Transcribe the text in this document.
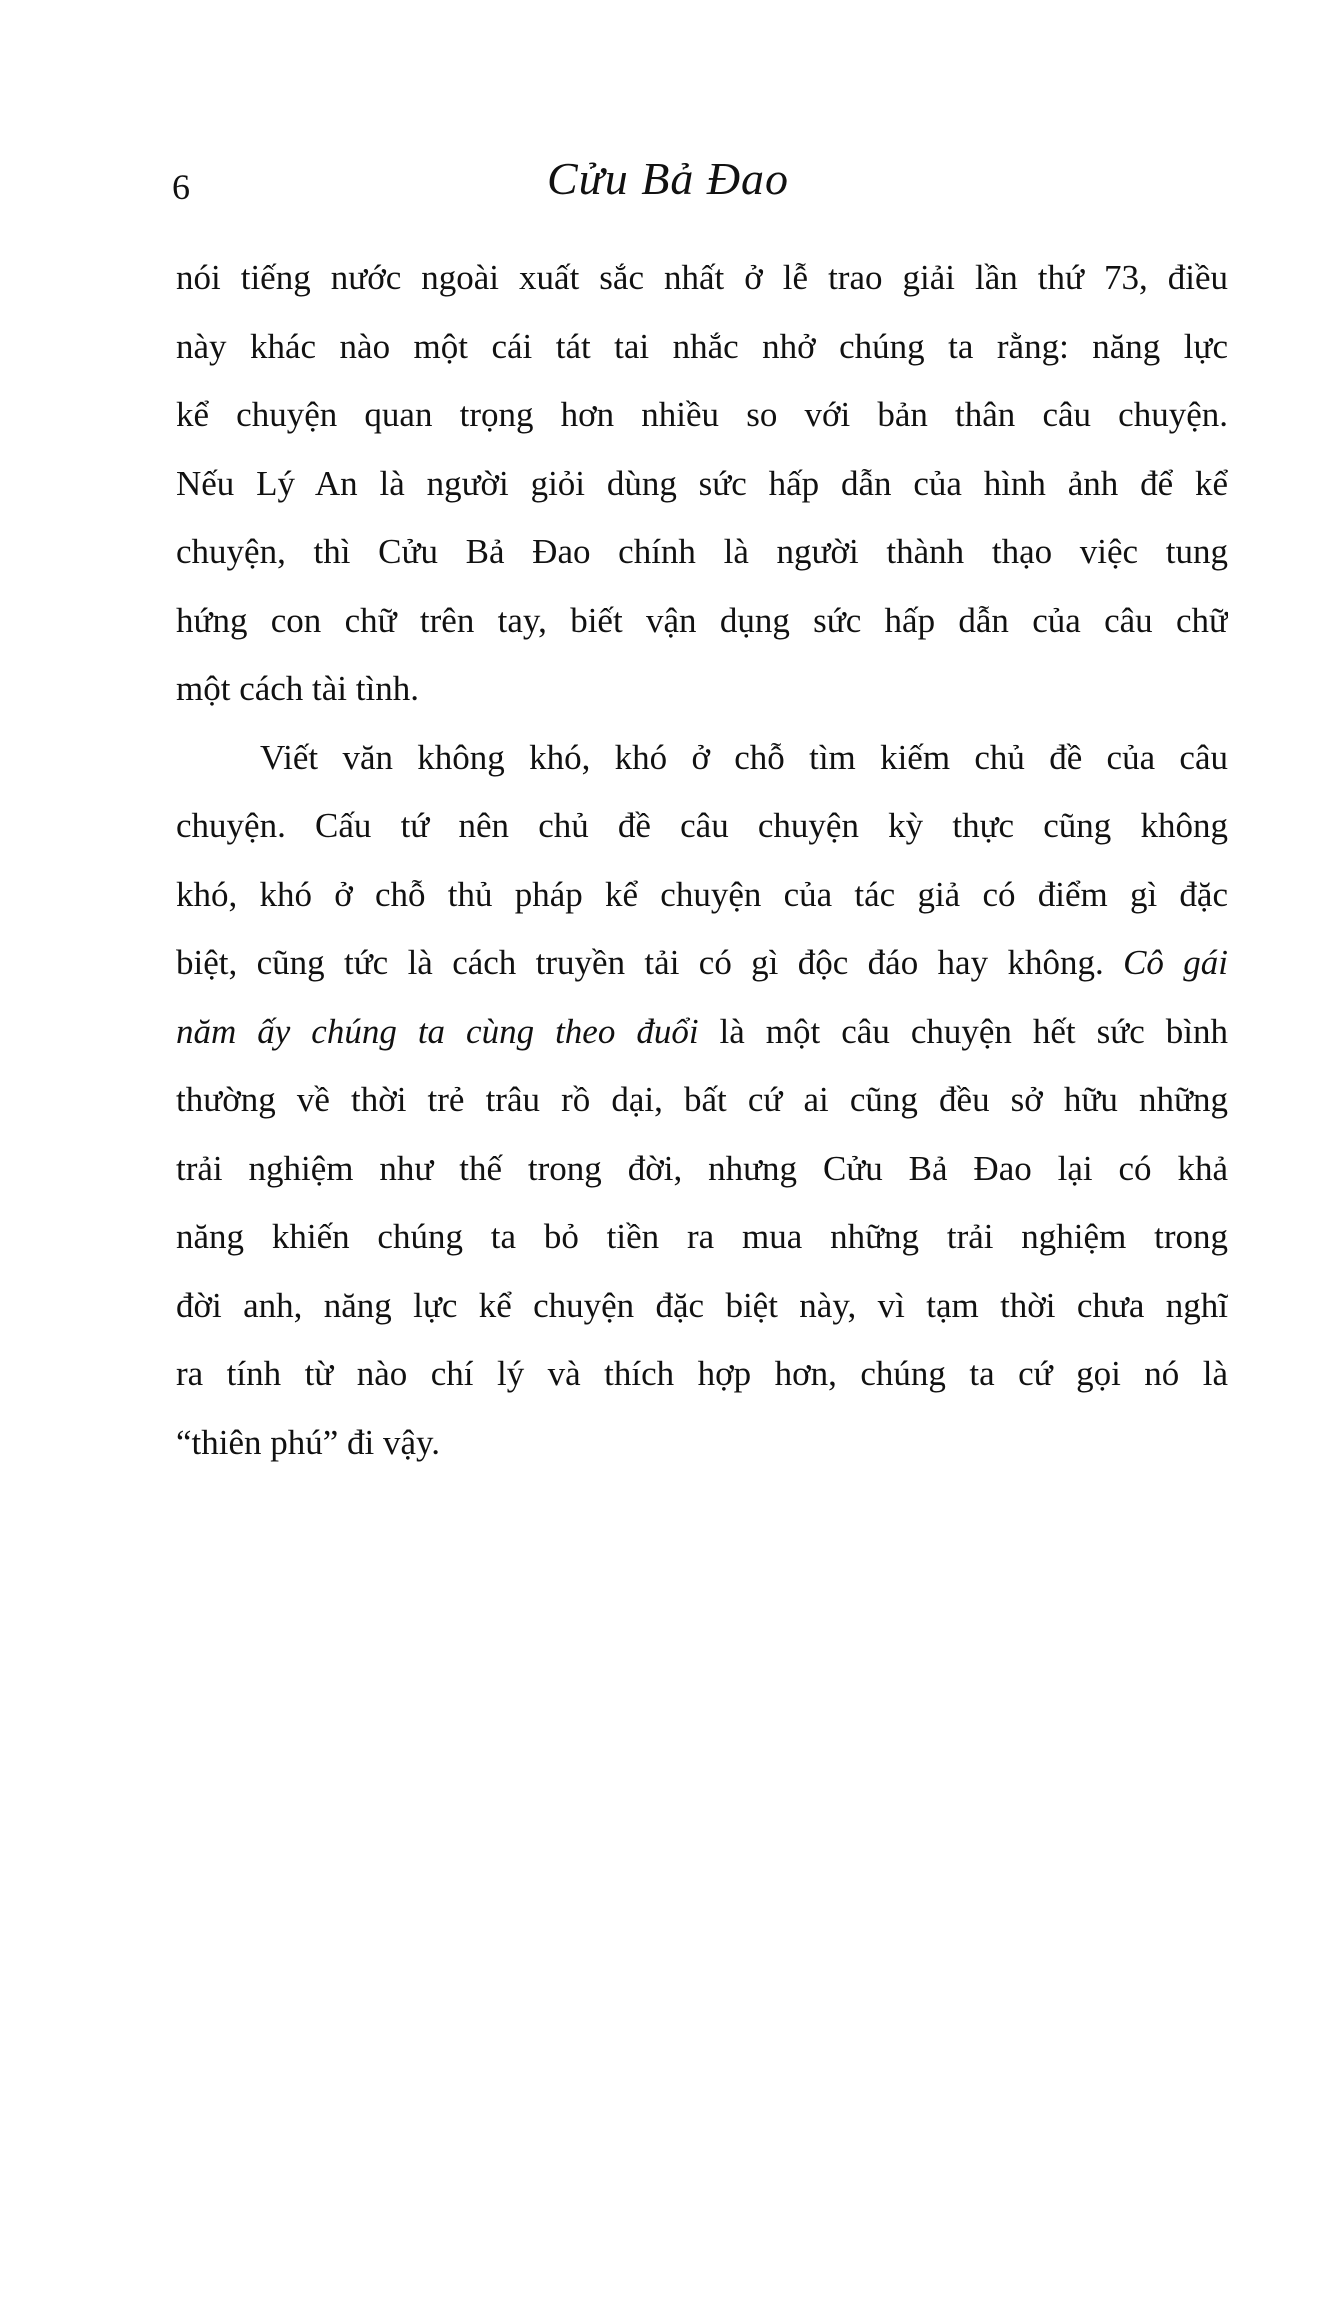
6	Cửu Bả Đao
nói tiếng nước ngoài xuất sắc nhất ở lễ trao giải lần thứ 73, điều
này khác nào một cái tát tai nhắc nhở chúng ta rằng: năng lực
kể chuyện quan trọng hơn nhiều so với bản thân câu chuyện.
Nếu Lý An là người giỏi dùng sức hấp dẫn của hình ảnh để kể
chuyện, thì Cửu Bả Đao chính là người thành thạo việc tung
hứng con chữ trên tay, biết vận dụng sức hấp dẫn của câu chữ
một cách tài tình.
Viết văn không khó, khó ở chỗ tìm kiếm chủ đề của câu
chuyện. Cấu tứ nên chủ đề câu chuyện kỳ thực cũng không
khó, khó ở chỗ thủ pháp kể chuyện của tác giả có điểm gì đặc
biệt, cũng tức là cách truyền tải có gì độc đáo hay không. Cô gái
năm ấy chúng ta cùng theo đuổi là một câu chuyện hết sức bình
thường về thời trẻ trâu rồ dại, bất cứ ai cũng đều sở hữu những
trải nghiệm như thế trong đời, nhưng Cửu Bả Đao lại có khả
năng khiến chúng ta bỏ tiền ra mua những trải nghiệm trong
đời anh, năng lực kể chuyện đặc biệt này, vì tạm thời chưa nghĩ
ra tính từ nào chí lý và thích hợp hơn, chúng ta cứ gọi nó là
“thiên phú” đi vậy.
